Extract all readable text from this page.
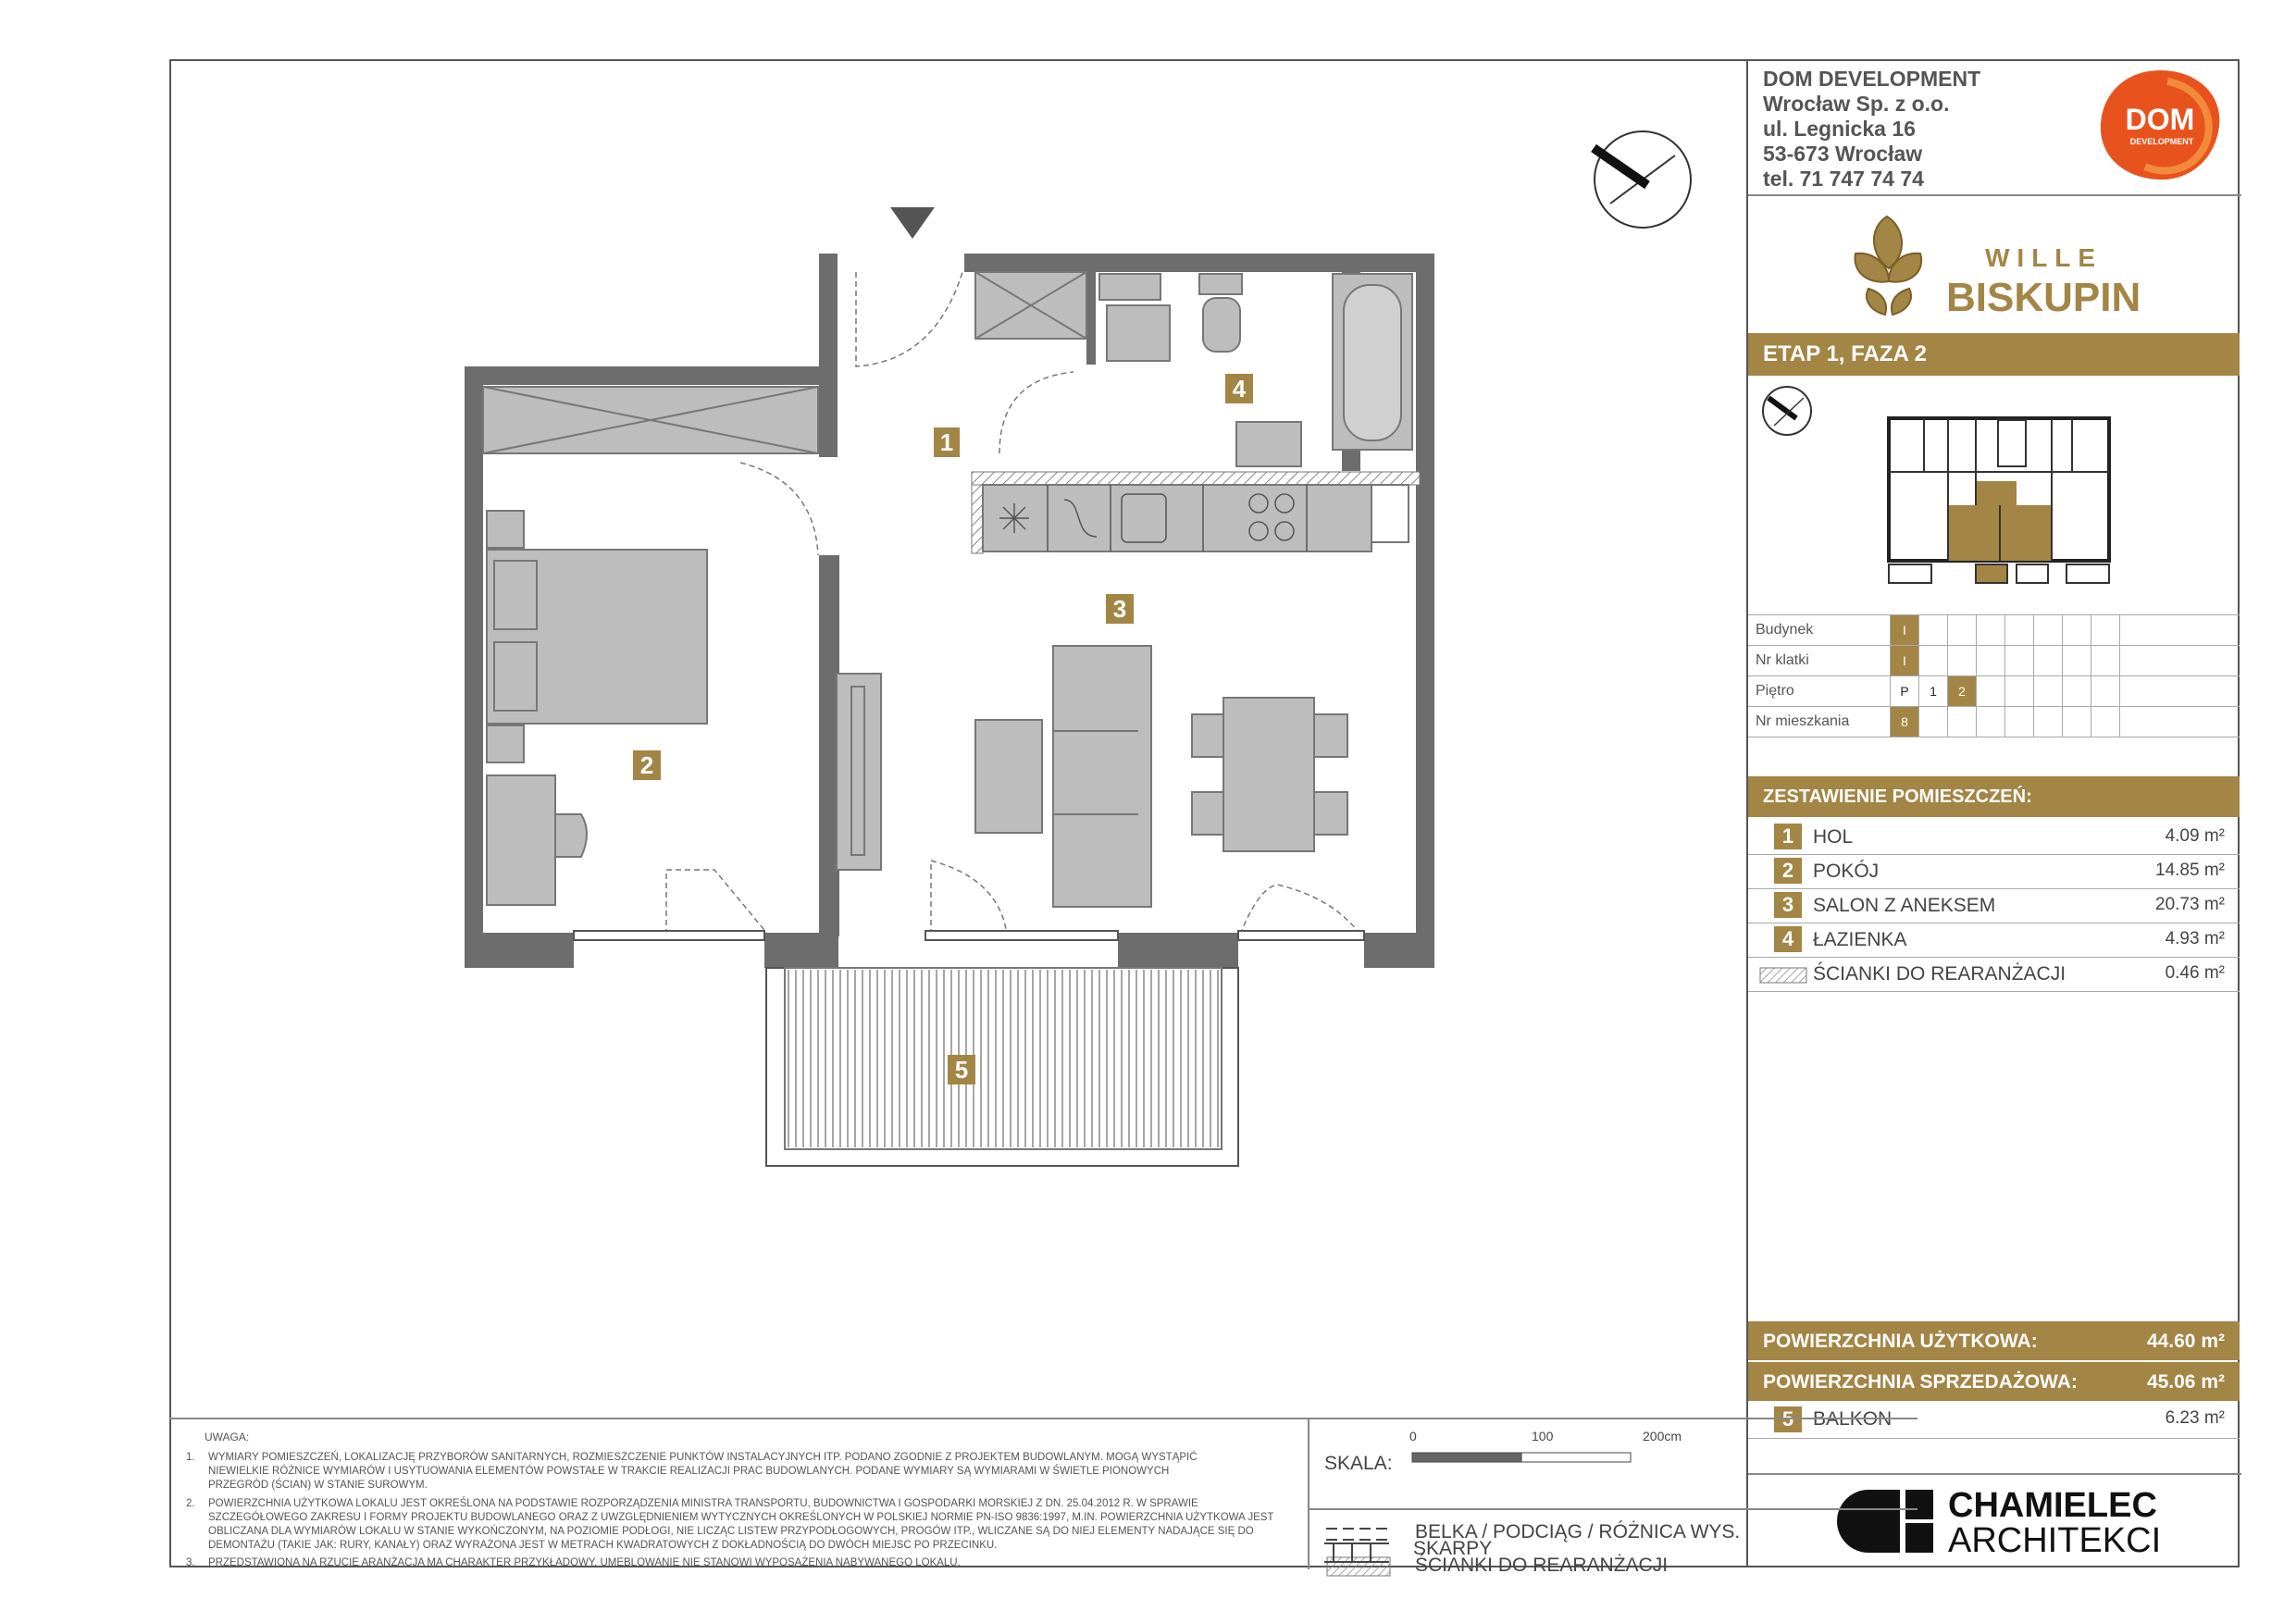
1
2
3
4
5
DOM DEVELOPMENT
Wrocław Sp. z o.o.
ul. Legnicka 16
53-673 Wrocław
tel. 71 747 74 74
DOM
DEVELOPMENT
WILLE
BISKUPIN
ETAP 1, FAZA 2
Budynek	I
Nr klatki	I
Piętro	P	1	2
Nr mieszkania	8
ZESTAWIENIE POMIESZCZEŃ:
1 HOL	4.09 m²
2 POKÓJ	14.85 m²
3 SALON Z ANEKSEM	20.73 m²
4 ŁAZIENKA	4.93 m²
ŚCIANKI DO REARANŻACJI	0.46 m²
POWIERZCHNIA UŻYTKOWA:	44.60 m²
POWIERZCHNIA SPRZEDAŻOWA:	45.06 m²
5 BALKON	6.23 m²
CHAMIELEC
ARCHITEKCI
UWAGA:
1. WYMIARY POMIESZCZEŃ, LOKALIZACJĘ PRZYBORÓW SANITARNYCH, ROZMIESZCZENIE PUNKTÓW INSTALACYJNYCH ITP. PODANO ZGODNIE Z PROJEKTEM BUDOWLANYM. MOGĄ WYSTĄPIĆ
NIEWIELKIE RÓŻNICE WYMIARÓW I USYTUOWANIA ELEMENTÓW POWSTAŁE W TRAKCIE REALIZACJI PRAC BUDOWLANYCH. PODANE WYMIARY SĄ WYMIARAMI W ŚWIETLE PIONOWYCH
PRZEGRÓD (ŚCIAN) W STANIE SUROWYM.
2. POWIERZCHNIA UŻYTKOWA LOKALU JEST OKREŚLONA NA PODSTAWIE ROZPORZĄDZENIA MINISTRA TRANSPORTU, BUDOWNICTWA I GOSPODARKI MORSKIEJ Z DN. 25.04.2012 R. W SPRAWIE
SZCZEGÓŁOWEGO ZAKRESU I FORMY PROJEKTU BUDOWLANEGO ORAZ Z UWZGLĘDNIENIEM WYTYCZNYCH OKREŚLONYCH W POLSKIEJ NORMIE PN-ISO 9836:1997, M.IN. POWIERZCHNIA UŻYTKOWA JEST
OBLICZANA DLA WYMIARÓW LOKALU W STANIE WYKOŃCZONYM, NA POZIOMIE PODŁOGI, NIE LICZĄC LISTEW PRZYPODŁOGOWYCH, PROGÓW ITP., WLICZANE SĄ DO NIEJ ELEMENTY NADAJĄCE SIĘ DO
DEMONTAŻU (TAKIE JAK: RURY, KANAŁY) ORAZ WYRAŻONA JEST W METRACH KWADRATOWYCH Z DOKŁADNOŚCIĄ DO DWÓCH MIEJSC PO PRZECINKU.
3. PRZEDSTAWIONA NA RZUCIE ARANŻACJA MA CHARAKTER PRZYKŁADOWY, UMEBLOWANIE NIE STANOWI WYPOSAŻENIA NABYWANEGO LOKALU.
SKALA:
0	100	200cm
BELKA / PODCIĄG / RÓŻNICA WYS.
ŚCIANKI DO REARANŻACJI
SKARPY
